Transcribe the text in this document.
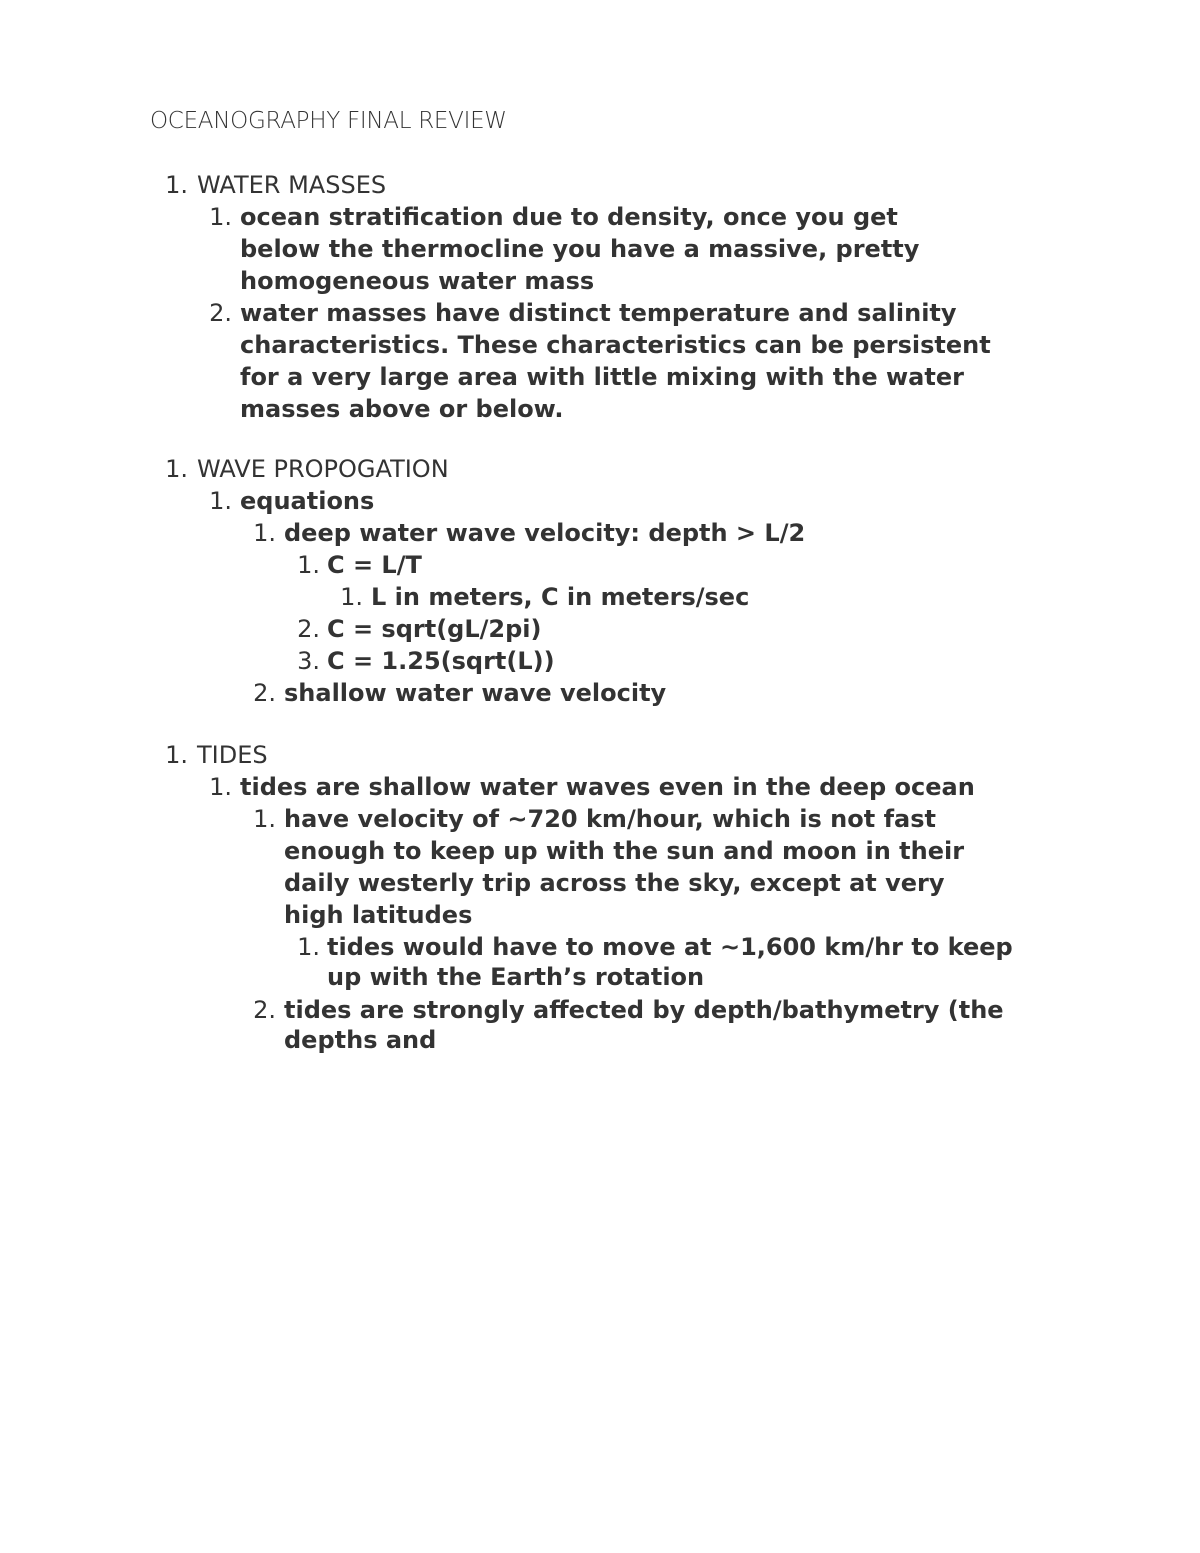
OCEANOGRAPHY FINAL REVIEW
1. WATER MASSES
1. ocean stratification due to density, once you get
below the thermocline you have a massive, pretty
homogeneous water mass
2. water masses have distinct temperature and salinity
characteristics. These characteristics can be persistent
for a very large area with little mixing with the water
masses above or below.
1. WAVE PROPOGATION
1. equations
1. deep water wave velocity: depth > L/2
1. C = L/T
1. L in meters, C in meters/sec
2. C = sqrt(gL/2pi)
3. C = 1.25(sqrt(L))
2. shallow water wave velocity
1. TIDES
1. tides are shallow water waves even in the deep ocean
1. have velocity of ~720 km/hour, which is not fast
enough to keep up with the sun and moon in their
daily westerly trip across the sky, except at very
high latitudes
1. tides would have to move at ~1,600 km/hr to keep
up with the Earth’s rotation
2. tides are strongly affected by depth/bathymetry (the
depths and
